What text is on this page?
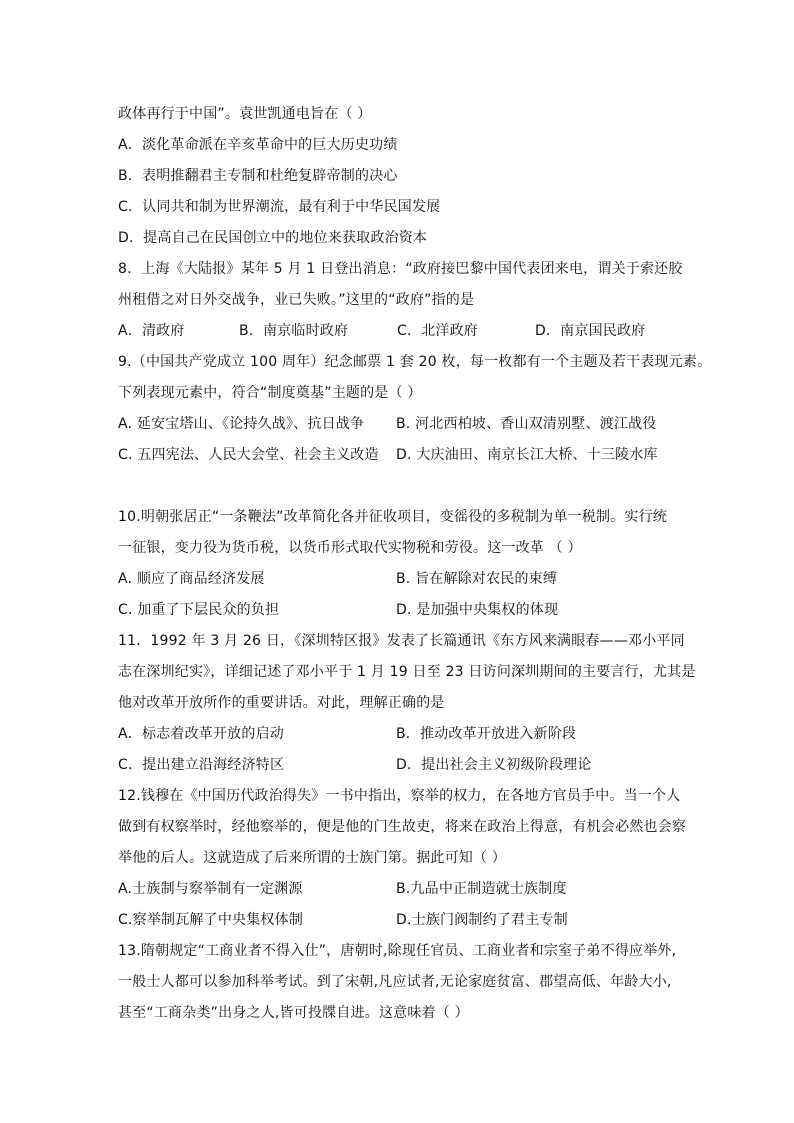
政体再行于中国”。袁世凯通电旨在（ ）
A．淡化革命派在辛亥革命中的巨大历史功绩
B．表明推翻君主专制和杜绝复辟帝制的决心
C．认同共和制为世界潮流，最有利于中华民国发展
D．提高自己在民国创立中的地位来获取政治资本
8．上海《大陆报》某年 5 月 1 日登出消息：“政府接巴黎中国代表团来电，谓关于索还胶
州租借之对日外交战争，业已失败。”这里的“政府”指的是
A．清政府	B．南京临时政府	C．北洋政府	D．南京国民政府
9.（中国共产党成立 100 周年）纪念邮票 1 套 20 枚，每一枚都有一个主题及若干表现元素。
下列表现元素中，符合“制度奠基”主题的是（ ）
A. 延安宝塔山、《论持久战》、抗日战争 B. 河北西柏坡、香山双清别墅、渡江战役
C. 五四宪法、人民大会堂、社会主义改造 D. 大庆油田、南京长江大桥、十三陵水库
10.明朝张居正“一条鞭法”改革简化各并征收项目，变徭役的多税制为单一税制。实行统
一征银，变力役为货币税，以货币形式取代实物税和劳役。这一改革 （ ）
A. 顺应了商品经济发展	B. 旨在解除对农民的束缚
C. 加重了下层民众的负担	D. 是加强中央集权的体现
11．1992 年 3 月 26 日，《深圳特区报》发表了长篇通讯《东方风来满眼春——邓小平同
志在深圳纪实》，详细记述了邓小平于 1 月 19 日至 23 日访问深圳期间的主要言行，尤其是
他对改革开放所作的重要讲话。对此，理解正确的是
A．标志着改革开放的启动	B．推动改革开放进入新阶段
C．提出建立沿海经济特区	D．提出社会主义初级阶段理论
12.钱穆在《中国历代政治得失》一书中指出，察举的权力，在各地方官员手中。当一个人
做到有权察举时，经他察举的，便是他的门生故吏，将来在政治上得意，有机会必然也会察
举他的后人。这就造成了后来所谓的士族门第。据此可知（ ）
A.士族制与察举制有一定渊源	B.九品中正制造就士族制度
C.察举制瓦解了中央集权体制	D.士族门阀制约了君主专制
13.隋朝规定“工商业者不得入仕”，唐朝时,除现任官员、工商业者和宗室子弟不得应举外,
一般士人都可以参加科举考试。到了宋朝,凡应试者,无论家庭贫富、郡望高低、年龄大小,
甚至“工商杂类”出身之人,皆可投牒自进。这意味着（ ）
